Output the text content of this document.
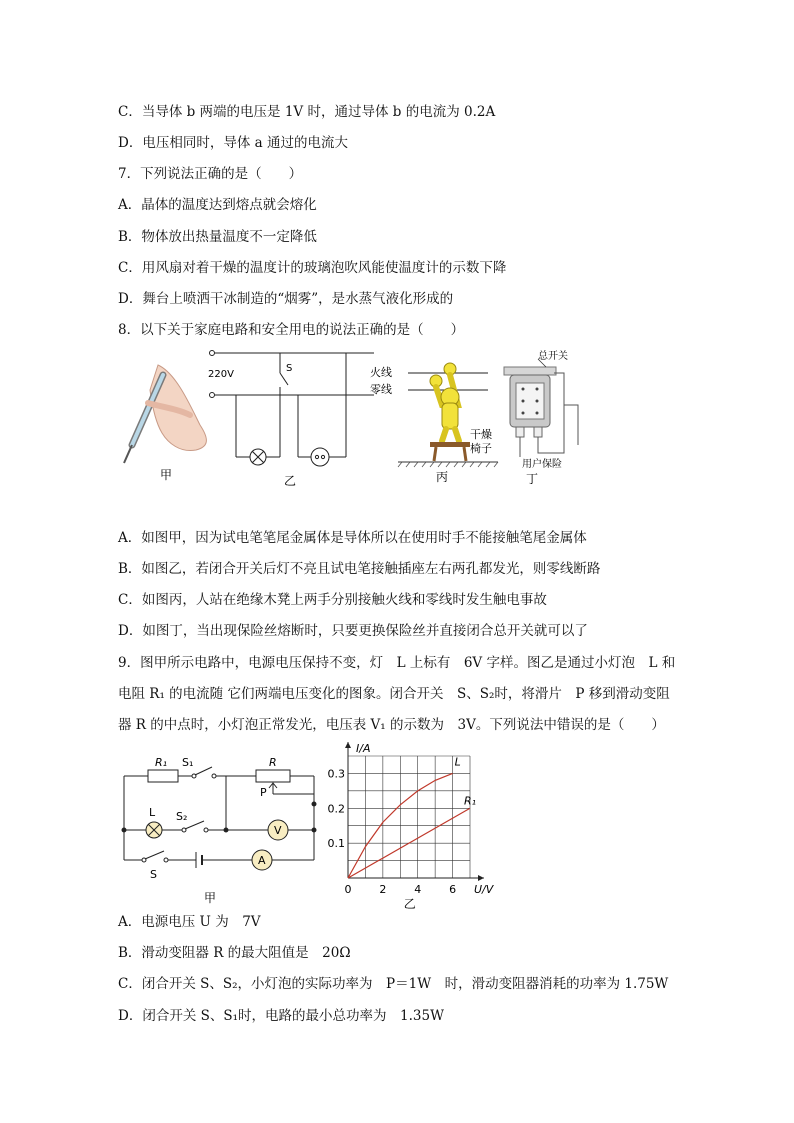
C．当导体 b 两端的电压是 1V 时，通过导体 b 的电流为 0.2A
D．电压相同时，导体 a 通过的电流大
7．下列说法正确的是（　　）
A．晶体的温度达到熔点就会熔化
B．物体放出热量温度不一定降低
C．用风扇对着干燥的温度计的玻璃泡吹风能使温度计的示数下降
D．舞台上喷洒干冰制造的“烟雾”，是水蒸气液化形成的
8．以下关于家庭电路和安全用电的说法正确的是（　　）
甲
220V
S
乙
火线
零线
干燥
椅子
丙
总开关
用户保险
丁
A．如图甲，因为试电笔笔尾金属体是导体所以在使用时手不能接触笔尾金属体
B．如图乙，若闭合开关后灯不亮且试电笔接触插座左右两孔都发光，则零线断路
C．如图丙，人站在绝缘木凳上两手分别接触火线和零线时发生触电事故
D．如图丁，当出现保险丝熔断时，只要更换保险丝并直接闭合总开关就可以了
9．图甲所示电路中，电源电压保持不变，灯　L 上标有　6V 字样。图乙是通过小灯泡　L 和
电阻 R₁ 的电流随 它们两端电压变化的图象。闭合开关　S、S₂时，将滑片　P 移到滑动变阻
器 R 的中点时，小灯泡正常发光，电压表 V₁ 的示数为　3V。下列说法中错误的是（　　）
R₁ S₁	R
P
L S₂
V
A
S
甲
0	2	4	6
0.1
0.2
0.3
L
R₁
I/A
U/V
乙
A．电源电压 U 为　7V
B．滑动变阻器 R 的最大阻值是　20Ω
C．闭合开关 S、S₂，小灯泡的实际功率为　P＝1W　时，滑动变阻器消耗的功率为 1.75W
D．闭合开关 S、S₁时，电路的最小总功率为　1.35W
